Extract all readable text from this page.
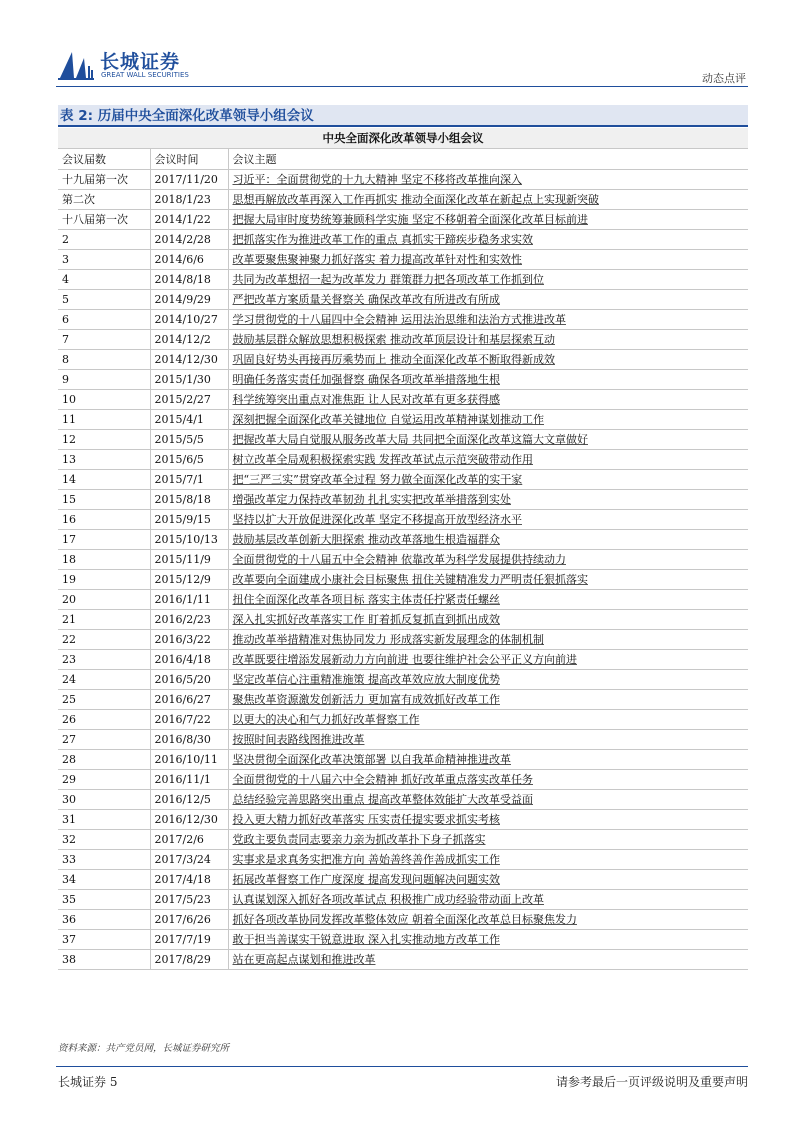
长城证券
GREAT WALL SECURITIES	动态点评
表 2: 历届中央全面深化改革领导小组会议
中央全面深化改革领导小组会议
会议届数	会议时间	会议主题
十九届第一次	2017/11/20	习近平：全面贯彻党的十九大精神 坚定不移将改革推向深入
第二次	2018/1/23	思想再解放改革再深入工作再抓实 推动全面深化改革在新起点上实现新突破
十八届第一次	2014/1/22	把握大局审时度势统筹兼顾科学实施 坚定不移朝着全面深化改革目标前进
2	2014/2/28	把抓落实作为推进改革工作的重点 真抓实干蹄疾步稳务求实效
3	2014/6/6	改革要聚焦聚神聚力抓好落实 着力提高改革针对性和实效性
4	2014/8/18	共同为改革想招一起为改革发力 群策群力把各项改革工作抓到位
5	2014/9/29	严把改革方案质量关督察关 确保改革改有所进改有所成
6	2014/10/27	学习贯彻党的十八届四中全会精神 运用法治思维和法治方式推进改革
7	2014/12/2	鼓励基层群众解放思想积极探索 推动改革顶层设计和基层探索互动
8	2014/12/30	巩固良好势头再接再厉乘势而上 推动全面深化改革不断取得新成效
9	2015/1/30	明确任务落实责任加强督察 确保各项改革举措落地生根
10	2015/2/27	科学统筹突出重点对准焦距 让人民对改革有更多获得感
11	2015/4/1	深刻把握全面深化改革关键地位 自觉运用改革精神谋划推动工作
12	2015/5/5	把握改革大局自觉服从服务改革大局 共同把全面深化改革这篇大文章做好
13	2015/6/5	树立改革全局观积极探索实践 发挥改革试点示范突破带动作用
14	2015/7/1	把“三严三实”贯穿改革全过程 努力做全面深化改革的实干家
15	2015/8/18	增强改革定力保持改革韧劲 扎扎实实把改革举措落到实处
16	2015/9/15	坚持以扩大开放促进深化改革 坚定不移提高开放型经济水平
17	2015/10/13	鼓励基层改革创新大胆探索 推动改革落地生根造福群众
18	2015/11/9	全面贯彻党的十八届五中全会精神 依靠改革为科学发展提供持续动力
19	2015/12/9	改革要向全面建成小康社会目标聚焦 扭住关键精准发力严明责任狠抓落实
20	2016/1/11	扭住全面深化改革各项目标 落实主体责任拧紧责任螺丝
21	2016/2/23	深入扎实抓好改革落实工作 盯着抓反复抓直到抓出成效
22	2016/3/22	推动改革举措精准对焦协同发力 形成落实新发展理念的体制机制
23	2016/4/18	改革既要往增添发展新动力方向前进 也要往维护社会公平正义方向前进
24	2016/5/20	坚定改革信心注重精准施策 提高改革效应放大制度优势
25	2016/6/27	聚焦改革资源激发创新活力 更加富有成效抓好改革工作
26	2016/7/22	以更大的决心和气力抓好改革督察工作
27	2016/8/30	按照时间表路线图推进改革
28	2016/10/11	坚决贯彻全面深化改革决策部署 以自我革命精神推进改革
29	2016/11/1	全面贯彻党的十八届六中全会精神 抓好改革重点落实改革任务
30	2016/12/5	总结经验完善思路突出重点 提高改革整体效能扩大改革受益面
31	2016/12/30	投入更大精力抓好改革落实 压实责任提实要求抓实考核
32	2017/2/6	党政主要负责同志要亲力亲为抓改革扑下身子抓落实
33	2017/3/24	实事求是求真务实把准方向 善始善终善作善成抓实工作
34	2017/4/18	拓展改革督察工作广度深度 提高发现问题解决问题实效
35	2017/5/23	认真谋划深入抓好各项改革试点 积极推广成功经验带动面上改革
36	2017/6/26	抓好各项改革协同发挥改革整体效应 朝着全面深化改革总目标聚焦发力
37	2017/7/19	敢于担当善谋实干锐意进取 深入扎实推动地方改革工作
38	2017/8/29	站在更高起点谋划和推进改革
资料来源：共产党员网，长城证券研究所
长城证券 5	请参考最后一页评级说明及重要声明
